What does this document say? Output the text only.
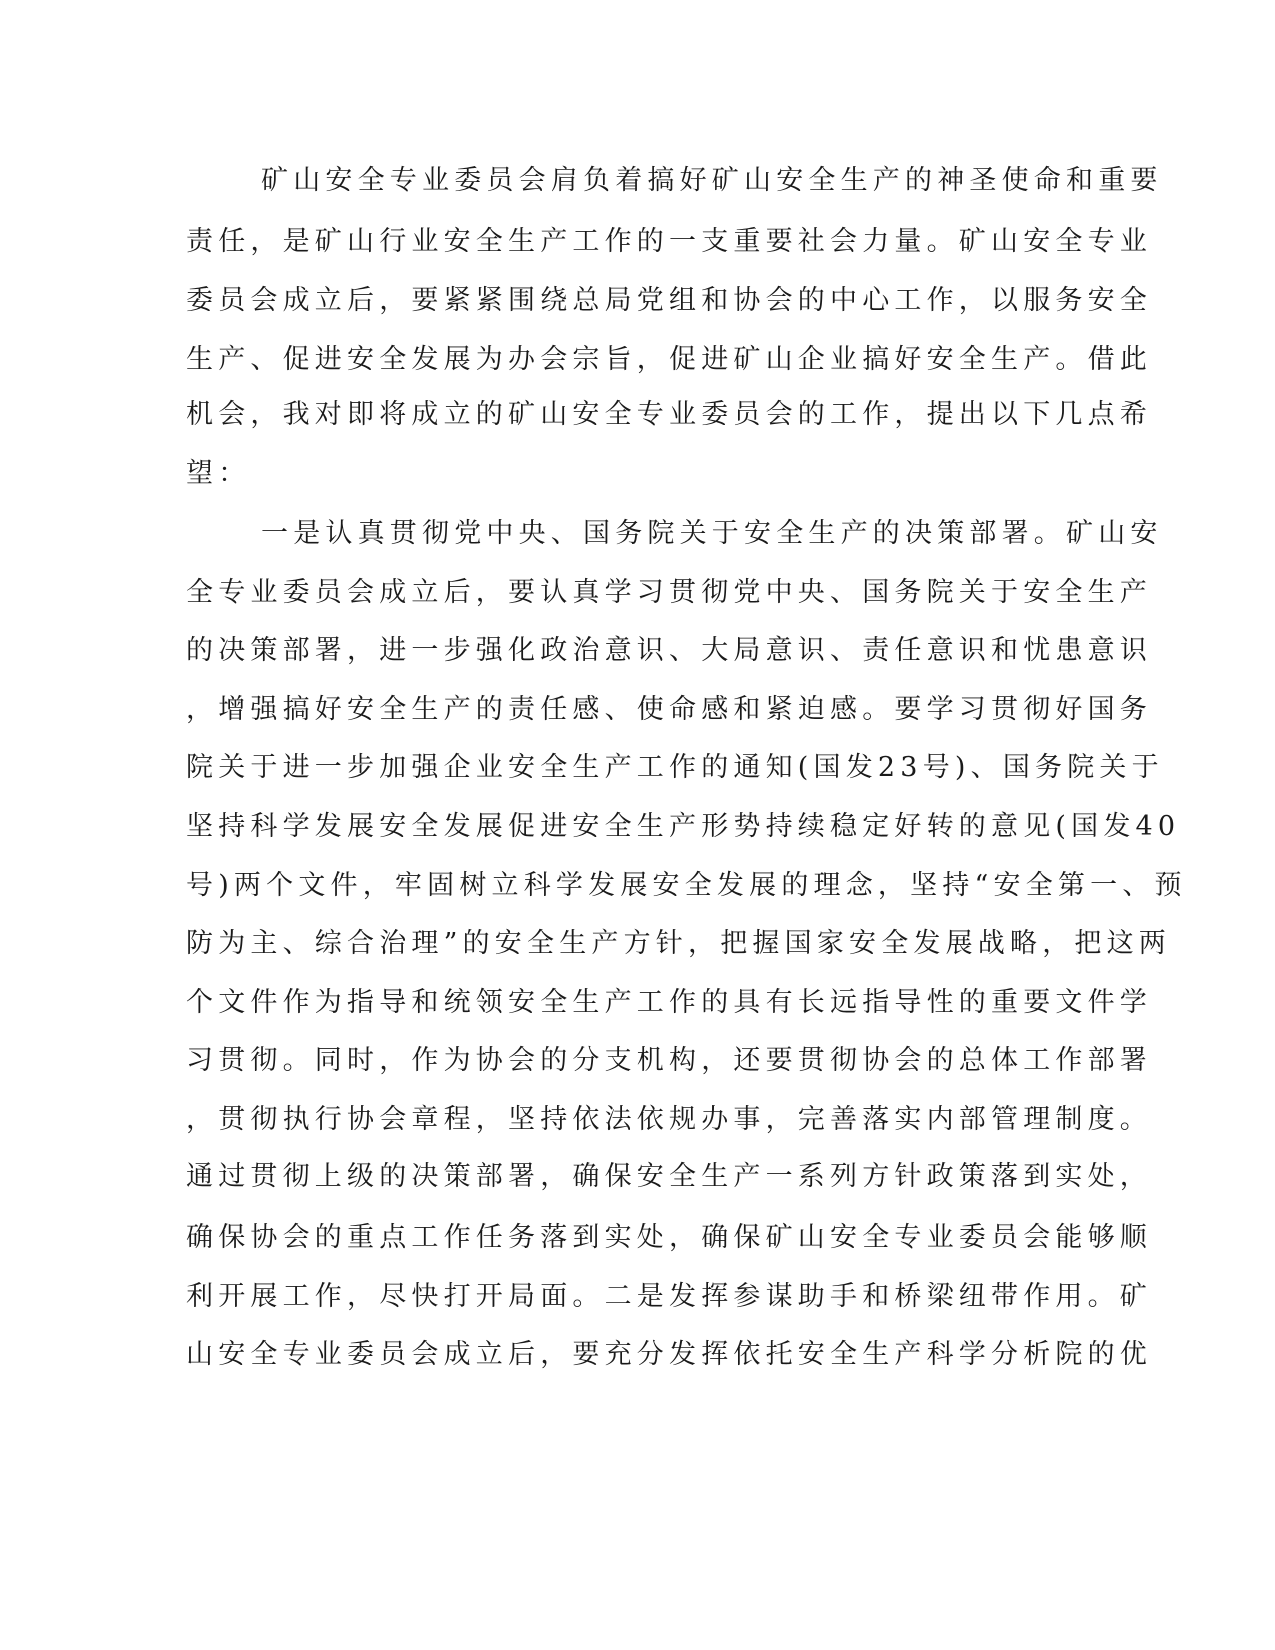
矿山安全专业委员会肩负着搞好矿山安全生产的神圣使命和重要
责任，是矿山行业安全生产工作的一支重要社会力量。矿山安全专业
委员会成立后，要紧紧围绕总局党组和协会的中心工作，以服务安全
生产、促进安全发展为办会宗旨，促进矿山企业搞好安全生产。借此
机会，我对即将成立的矿山安全专业委员会的工作，提出以下几点希
望：
一是认真贯彻党中央、国务院关于安全生产的决策部署。矿山安
全专业委员会成立后，要认真学习贯彻党中央、国务院关于安全生产
的决策部署，进一步强化政治意识、大局意识、责任意识和忧患意识
，增强搞好安全生产的责任感、使命感和紧迫感。要学习贯彻好国务
院关于进一步加强企业安全生产工作的通知(国发23号)、国务院关于
坚持科学发展安全发展促进安全生产形势持续稳定好转的意见(国发40
号)两个文件，牢固树立科学发展安全发展的理念，坚持“安全第一、预
防为主、综合治理”的安全生产方针，把握国家安全发展战略，把这两
个文件作为指导和统领安全生产工作的具有长远指导性的重要文件学
习贯彻。同时，作为协会的分支机构，还要贯彻协会的总体工作部署
，贯彻执行协会章程，坚持依法依规办事，完善落实内部管理制度。
通过贯彻上级的决策部署，确保安全生产一系列方针政策落到实处，
确保协会的重点工作任务落到实处，确保矿山安全专业委员会能够顺
利开展工作，尽快打开局面。二是发挥参谋助手和桥梁纽带作用。矿
山安全专业委员会成立后，要充分发挥依托安全生产科学分析院的优
